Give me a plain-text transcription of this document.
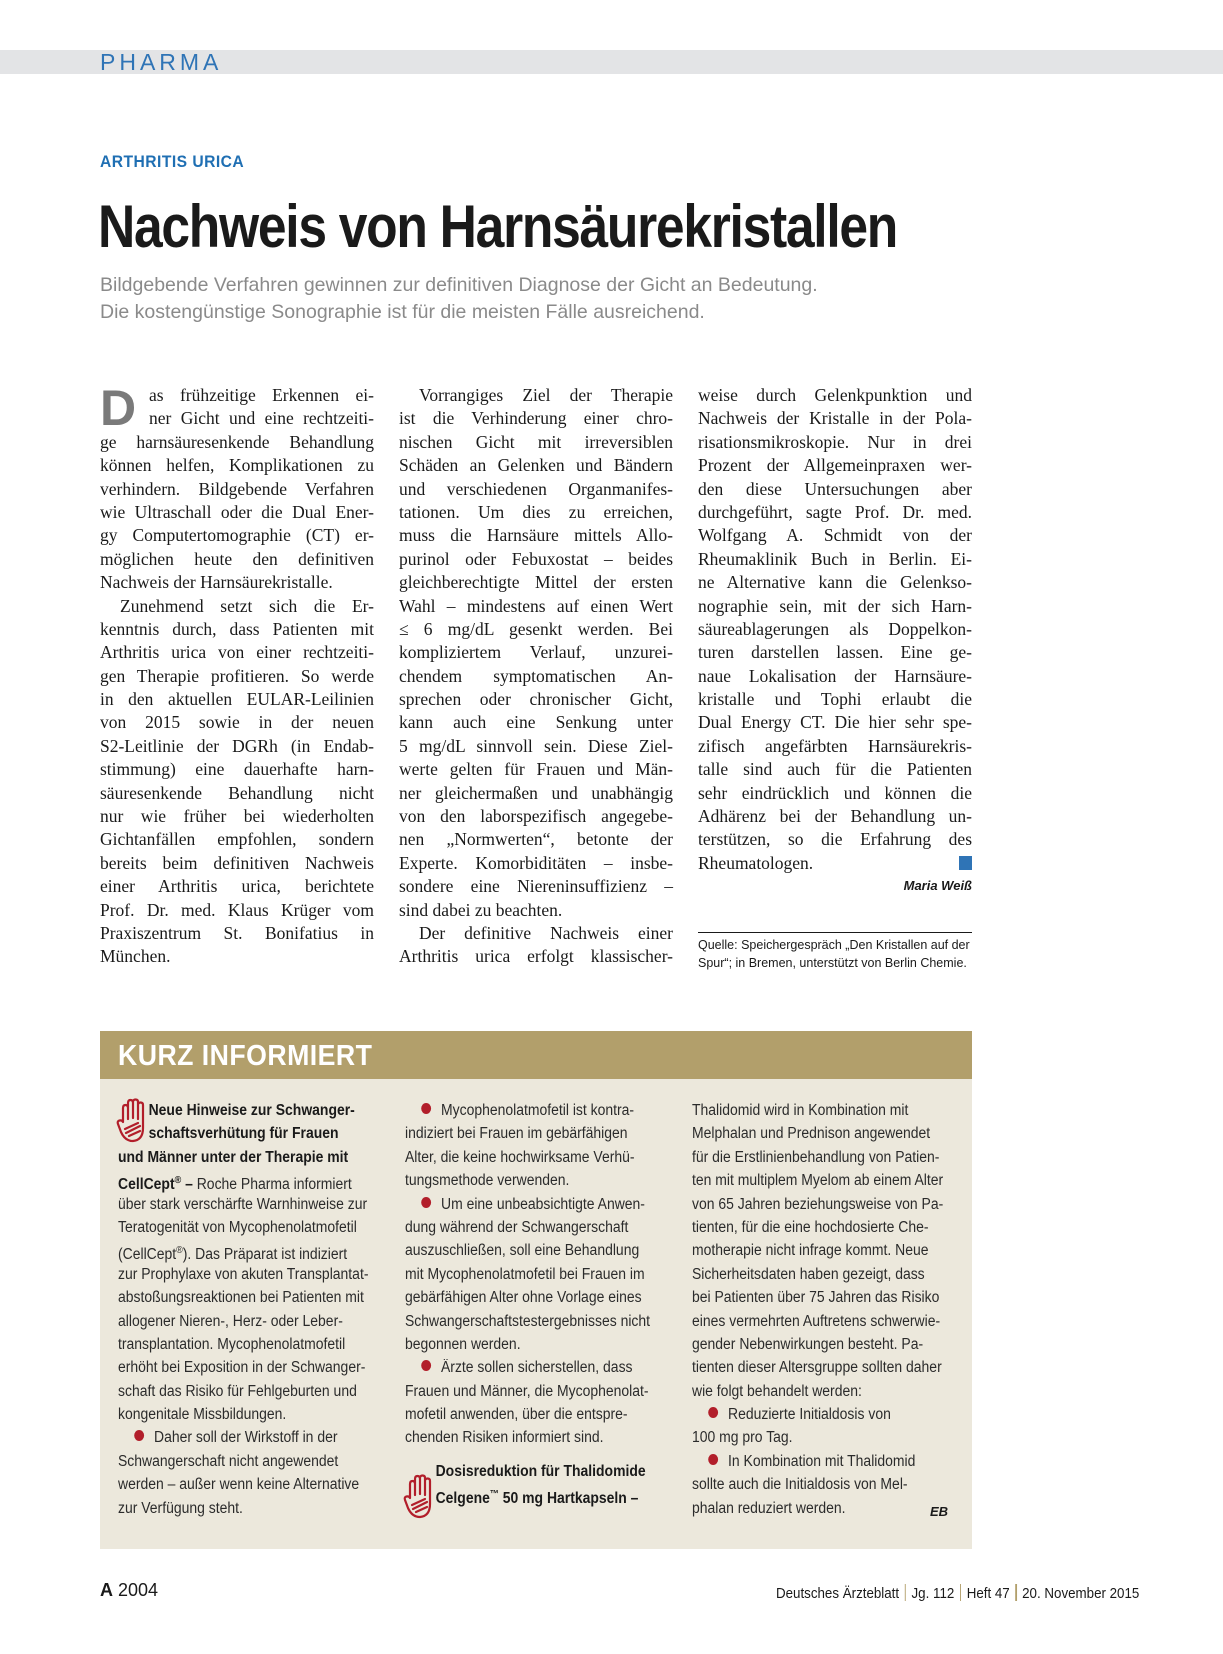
PHARMA
ARTHRITIS URICA
Nachweis von Harnsäurekristallen
Bildgebende Verfahren gewinnen zur definitiven Diagnose der Gicht an Bedeutung.
Die kostengünstige Sonographie ist für die meisten Fälle ausreichend.
D as frühzeitige Erkennen ei-
ner Gicht und eine rechtzeiti-
ge harnsäuresenkende Behandlung
können helfen, Komplikationen zu
verhindern. Bildgebende Verfahren
wie Ultraschall oder die Dual Ener-
gy Computertomographie (CT) er-
möglichen heute den definitiven
Nachweis der Harnsäurekristalle.
Zunehmend setzt sich die Er-
kenntnis durch, dass Patienten mit
Arthritis urica von einer rechtzeiti-
gen Therapie profitieren. So werde
in den aktuellen EULAR-Leilinien
von 2015 sowie in der neuen
S2-Leitlinie der DGRh (in Endab-
stimmung) eine dauerhafte harn-
säuresenkende Behandlung nicht
nur wie früher bei wiederholten
Gichtanfällen empfohlen, sondern
bereits beim definitiven Nachweis
einer Arthritis urica, berichtete
Prof. Dr. med. Klaus Krüger vom
Praxiszentrum St. Bonifatius in
München.
Vorrangiges Ziel der Therapie
ist die Verhinderung einer chro-
nischen Gicht mit irreversiblen
Schäden an Gelenken und Bändern
und verschiedenen Organmanifes-
tationen. Um dies zu erreichen,
muss die Harnsäure mittels Allo-
purinol oder Febuxostat – beides
gleichberechtigte Mittel der ersten
Wahl – mindestens auf einen Wert
≤ 6 mg/dL gesenkt werden. Bei
kompliziertem Verlauf, unzurei-
chendem symptomatischen An-
sprechen oder chronischer Gicht,
kann auch eine Senkung unter
5 mg/dL sinnvoll sein. Diese Ziel-
werte gelten für Frauen und Män-
ner gleichermaßen und unabhängig
von den laborspezifisch angegebe-
nen „Normwerten“, betonte der
Experte. Komorbiditäten – insbe-
sondere eine Niereninsuffizienz –
sind dabei zu beachten.
Der definitive Nachweis einer
Arthritis urica erfolgt klassischer-
weise durch Gelenkpunktion und
Nachweis der Kristalle in der Pola-
risationsmikroskopie. Nur in drei
Prozent der Allgemeinpraxen wer-
den diese Untersuchungen aber
durchgeführt, sagte Prof. Dr. med.
Wolfgang A. Schmidt von der
Rheumaklinik Buch in Berlin. Ei-
ne Alternative kann die Gelenkso-
nographie sein, mit der sich Harn-
säureablagerungen als Doppelkon-
turen darstellen lassen. Eine ge-
naue Lokalisation der Harnsäure-
kristalle und Tophi erlaubt die
Dual Energy CT. Die hier sehr spe-
zifisch angefärbten Harnsäurekris-
talle sind auch für die Patienten
sehr eindrücklich und können die
Adhärenz bei der Behandlung un-
terstützen, so die Erfahrung des
Rheumatologen.
Maria Weiß
Quelle: Speichergespräch „Den Kristallen auf der
Spur“; in Bremen, unterstützt von Berlin Chemie.
KURZ INFORMIERT
Neue Hinweise zur Schwanger-
schaftsverhütung für Frauen
und Männer unter der Therapie mit
CellCept® – Roche Pharma informiert
über stark verschärfte Warnhinweise zur
Teratogenität von Mycophenolatmofetil
(CellCept®). Das Präparat ist indiziert
zur Prophylaxe von akuten Transplantat-
abstoßungsreaktionen bei Patienten mit
allogener Nieren-, Herz- oder Leber-
transplantation. Mycophenolatmofetil
erhöht bei Exposition in der Schwanger-
schaft das Risiko für Fehlgeburten und
kongenitale Missbildungen.
Daher soll der Wirkstoff in der
Schwangerschaft nicht angewendet
werden – außer wenn keine Alternative
zur Verfügung steht.
Mycophenolatmofetil ist kontra-
indiziert bei Frauen im gebärfähigen
Alter, die keine hochwirksame Verhü-
tungsmethode verwenden.
Um eine unbeabsichtigte Anwen-
dung während der Schwangerschaft
auszuschließen, soll eine Behandlung
mit Mycophenolatmofetil bei Frauen im
gebärfähigen Alter ohne Vorlage eines
Schwangerschaftstestergebnisses nicht
begonnen werden.
Ärzte sollen sicherstellen, dass
Frauen und Männer, die Mycophenolat-
mofetil anwenden, über die entspre-
chenden Risiken informiert sind.
Dosisreduktion für Thalidomide
Celgene™ 50 mg Hartkapseln –
Thalidomid wird in Kombination mit
Melphalan und Prednison angewendet
für die Erstlinienbehandlung von Patien-
ten mit multiplem Myelom ab einem Alter
von 65 Jahren beziehungsweise von Pa-
tienten, für die eine hochdosierte Che-
motherapie nicht infrage kommt. Neue
Sicherheitsdaten haben gezeigt, dass
bei Patienten über 75 Jahren das Risiko
eines vermehrten Auftretens schwerwie-
gender Nebenwirkungen besteht. Pa-
tienten dieser Altersgruppe sollten daher
wie folgt behandelt werden:
Reduzierte Initialdosis von
100 mg pro Tag.
In Kombination mit Thalidomid
sollte auch die Initialdosis von Mel-
phalan reduziert werden.	EB
A 2004	Deutsches Ärzteblatt Jg. 112 Heft 47 20. November 2015
